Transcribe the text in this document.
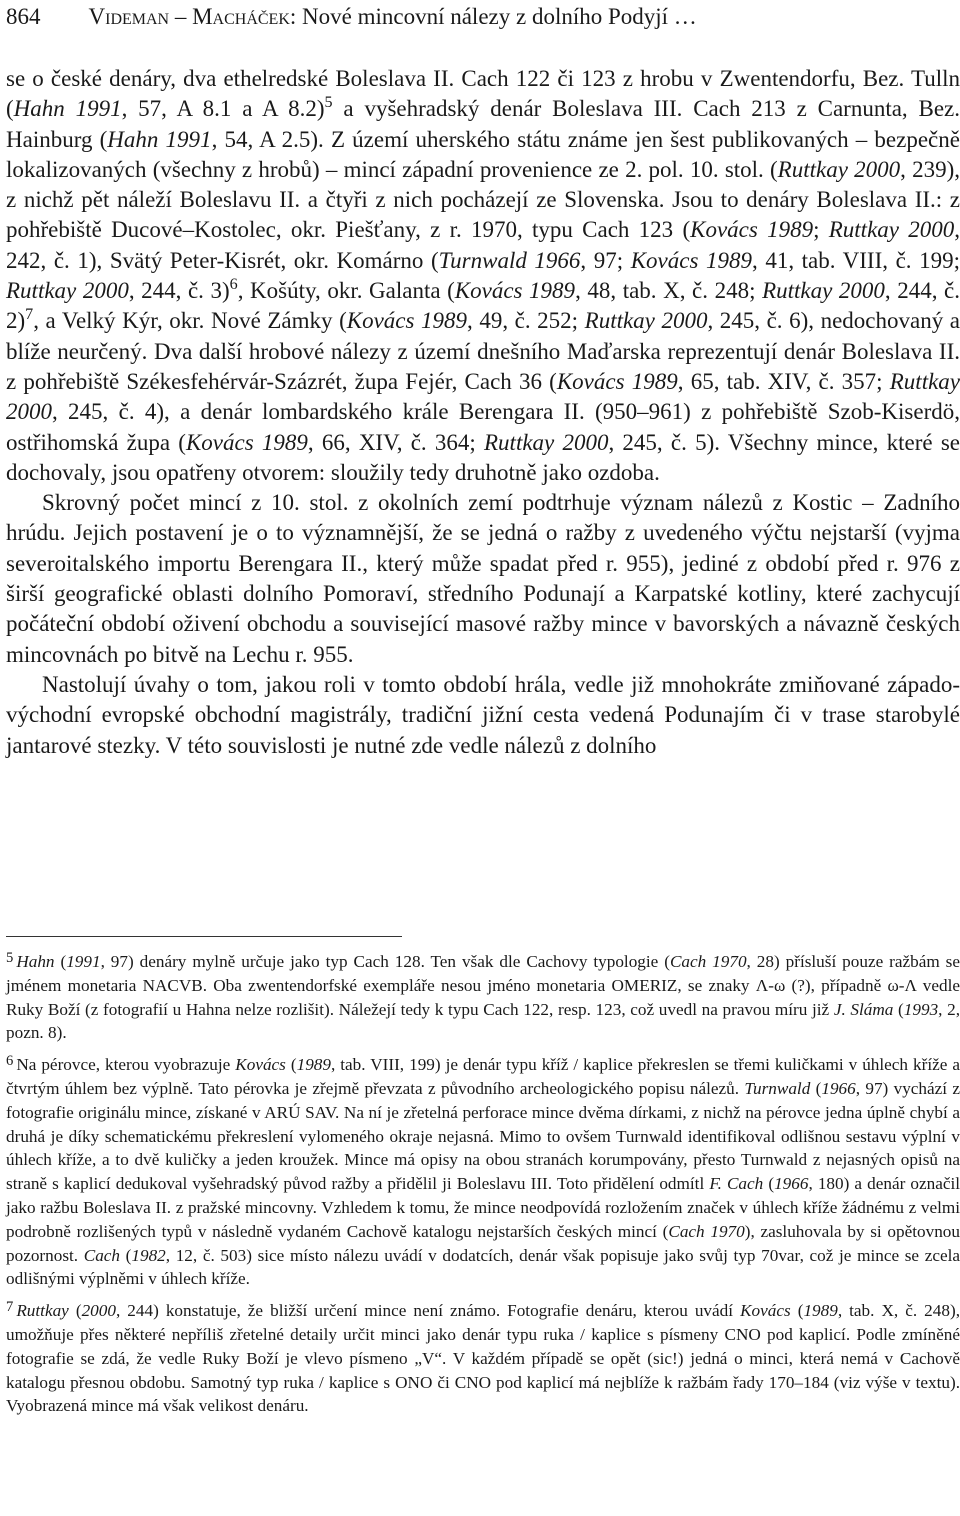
864 Videman – Macháček: Nové mincovní nálezy z dolního Podyjí …

se o české denáry, dva ethelredské Boleslava II. Cach 122 či 123 z hrobu v Zwentendorfu, Bez. Tulln (Hahn 1991, 57, A 8.1 a A 8.2)$^5$ a vyšehradský denár Boleslava III. Cach 213 z Carnunta, Bez. Hainburg (Hahn 1991, 54, A 2.5). Z území uherského státu známe jen šest publikovaných – bezpečně lokalizovaných (všechny z hrobů) – mincí západní provenience ze 2. pol. 10. stol. (Ruttkay 2000, 239), z nichž pět náleží Boleslavu II. a čtyři z nich pocházejí ze Slovenska. Jsou to denáry Boleslava II.: z pohřebiště Ducové–Kostolec, okr. Piešťany, z r. 1970, typu Cach 123 (Kovács 1989; Ruttkay 2000, 242, č. 1), Svätý Peter-Kisrét, okr. Komárno (Turnwald 1966, 97; Kovács 1989, 41, tab. VIII, č. 199; Ruttkay 2000, 244, č. 3)$^6$, Košúty, okr. Galanta (Kovács 1989, 48, tab. X, č. 248; Ruttkay 2000, 244, č. 2)$^7$, a Velký Kýr, okr. Nové Zámky (Kovács 1989, 49, č. 252; Ruttkay 2000, 245, č. 6), nedochovaný a blíže neurčený. Dva další hrobové nálezy z území dnešního Maďarska reprezentují denár Boleslava II. z pohřebiště Székesfehérvár-Százrét, župa Fejér, Cach 36 (Kovács 1989, 65, tab. XIV, č. 357; Ruttkay 2000, 245, č. 4), a denár lombardského krále Berengara II. (950–961) z pohřebiště Szob-Kiserdö, ostřihomská župa (Kovács 1989, 66, XIV, č. 364; Ruttkay 2000, 245, č. 5). Všechny mince, které se dochovaly, jsou opatřeny otvorem: sloužily tedy druhotně jako ozdoba.

Skrovný počet mincí z 10. stol. z okolních zemí podtrhuje význam nálezů z Kostic – Zadního hrúdu. Jejich postavení je o to významnější, že se jedná o ražby z uvedeného výčtu nejstarší (vyjma severoitalského importu Berengara II., který může spadat před r. 955), jediné z období před r. 976 z širší geografické oblasti dolního Pomoraví, středního Podunají a Karpatské kotliny, které zachycují počáteční období oživení obchodu a související masové ražby mince v bavorských a návazně českých mincovnách po bitvě na Lechu r. 955.

Nastolují úvahy o tom, jakou roli v tomto období hrála, vedle již mnohokráte zmiňované západo-východní evropské obchodní magistrály, tradiční jižní cesta vedená Podunajím či v trase starobylé jantarové stezky. V této souvislosti je nutné zde vedle nálezů z dolního

$^5$ Hahn (1991, 97) denáry mylně určuje jako typ Cach 128. Ten však dle Cachovy typologie (Cach 1970, 28) přísluší pouze ražbám se jménem monetaria NACVB. Oba zwentendorfské exempláře nesou jméno monetaria OMERIZ, se znaky Λ-ω (?), případně ω-Λ vedle Ruky Boží (z fotografií u Hahna nelze rozlišit). Náležejí tedy k typu Cach 122, resp. 123, což uvedl na pravou míru již J. Sláma (1993, 2, pozn. 8).

$^6$ Na pérovce, kterou vyobrazuje Kovács (1989, tab. VIII, 199) je denár typu kříž / kaplice překreslen se třemi kuličkami v úhlech kříže a čtvrtým úhlem bez výplně. Tato pérovka je zřejmě převzata z původního archeologického popisu nálezů. Turnwald (1966, 97) vychází z fotografie originálu mince, získané v ARÚ SAV. Na ní je zřetelná perforace mince dvěma dírkami, z nichž na pérovce jedna úplně chybí a druhá je díky schematickému překreslení vylomeného okraje nejasná. Mimo to ovšem Turnwald identifikoval odlišnou sestavu výplní v úhlech kříže, a to dvě kuličky a jeden kroužek. Mince má opisy na obou stranách korumpovány, přesto Turnwald z nejasných opisů na straně s kaplicí dedukoval vyšehradský původ ražby a přidělil ji Boleslavu III. Toto přidělení odmítl F. Cach (1966, 180) a denár označil jako ražbu Boleslava II. z pražské mincovny. Vzhledem k tomu, že mince neodpovídá rozložením značek v úhlech kříže žádnému z velmi podrobně rozlišených typů v následně vydaném Cachově katalogu nejstarších českých mincí (Cach 1970), zasluhovala by si opětovnou pozornost. Cach (1982, 12, č. 503) sice místo nálezu uvádí v dodatcích, denár však popisuje jako svůj typ 70var, což je mince se zcela odlišnými výplněmi v úhlech kříže.

$^7$ Ruttkay (2000, 244) konstatuje, že bližší určení mince není známo. Fotografie denáru, kterou uvádí Kovács (1989, tab. X, č. 248), umožňuje přes některé nepříliš zřetelné detaily určit minci jako denár typu ruka / kaplice s písmeny CNO pod kaplicí. Podle zmíněné fotografie se zdá, že vedle Ruky Boží je vlevo písmeno „V“. V každém případě se opět (sic!) jedná o minci, která nemá v Cachově katalogu přesnou obdobu. Samotný typ ruka / kaplice s ONO či CNO pod kaplicí má nejblíže k ražbám řady 170–184 (viz výše v textu). Vyobrazená mince má však velikost denáru.
